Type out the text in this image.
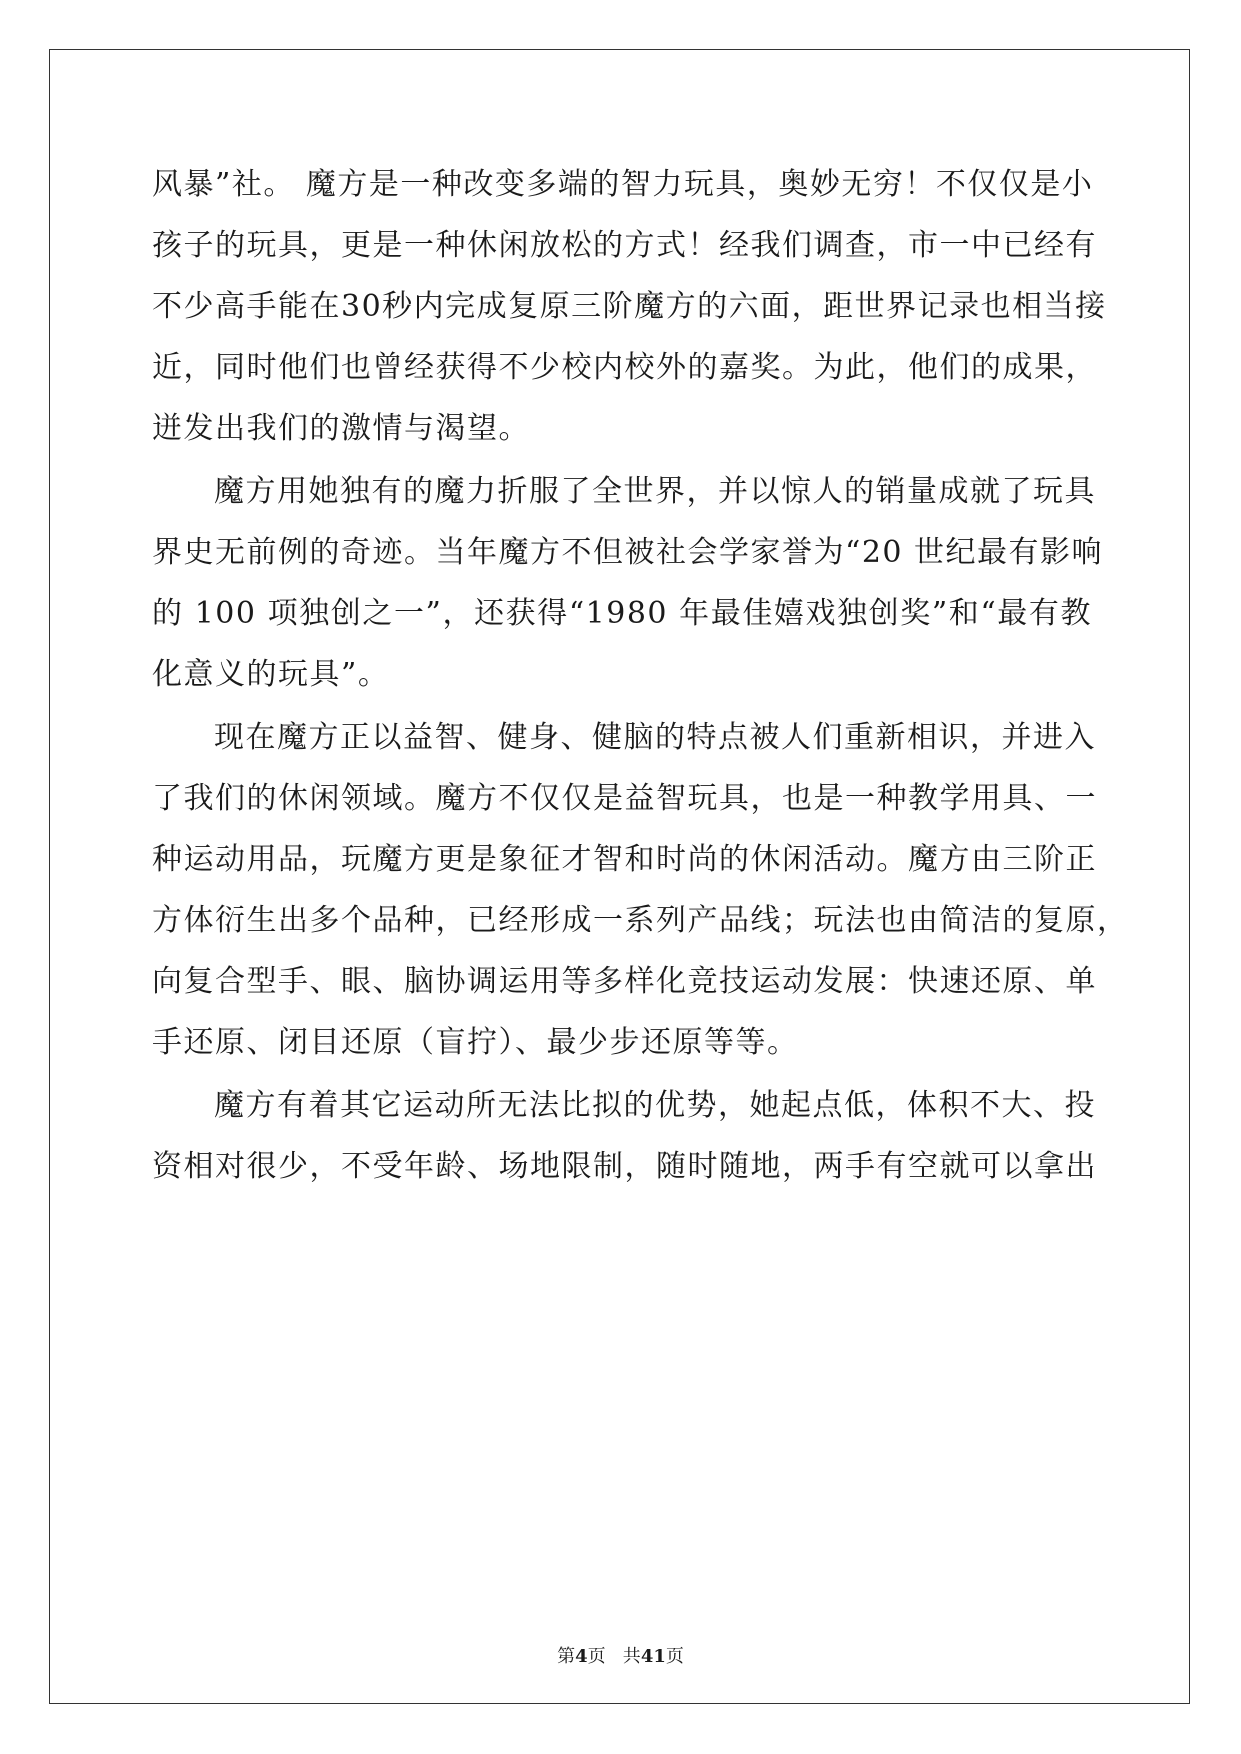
风暴”社。 魔方是一种改变多端的智力玩具，奥妙无穷！不仅仅是小
孩子的玩具，更是一种休闲放松的方式！经我们调查，市一中已经有
不少高手能在30秒内完成复原三阶魔方的六面，距世界记录也相当接
近，同时他们也曾经获得不少校内校外的嘉奖。为此，他们的成果，
迸发出我们的激情与渴望。
魔方用她独有的魔力折服了全世界，并以惊人的销量成就了玩具
界史无前例的奇迹。当年魔方不但被社会学家誉为“20 世纪最有影响
的 100 项独创之一”，还获得“1980 年最佳嬉戏独创奖”和“最有教
化意义的玩具”。
现在魔方正以益智、健身、健脑的特点被人们重新相识，并进入
了我们的休闲领域。魔方不仅仅是益智玩具，也是一种教学用具、一
种运动用品，玩魔方更是象征才智和时尚的休闲活动。魔方由三阶正
方体衍生出多个品种，已经形成一系列产品线；玩法也由简洁的复原，
向复合型手、眼、脑协调运用等多样化竞技运动发展：快速还原、单
手还原、闭目还原（盲拧）、最少步还原等等。
魔方有着其它运动所无法比拟的优势，她起点低，体积不大、投
资相对很少，不受年龄、场地限制，随时随地，两手有空就可以拿出
第4页   共41页
